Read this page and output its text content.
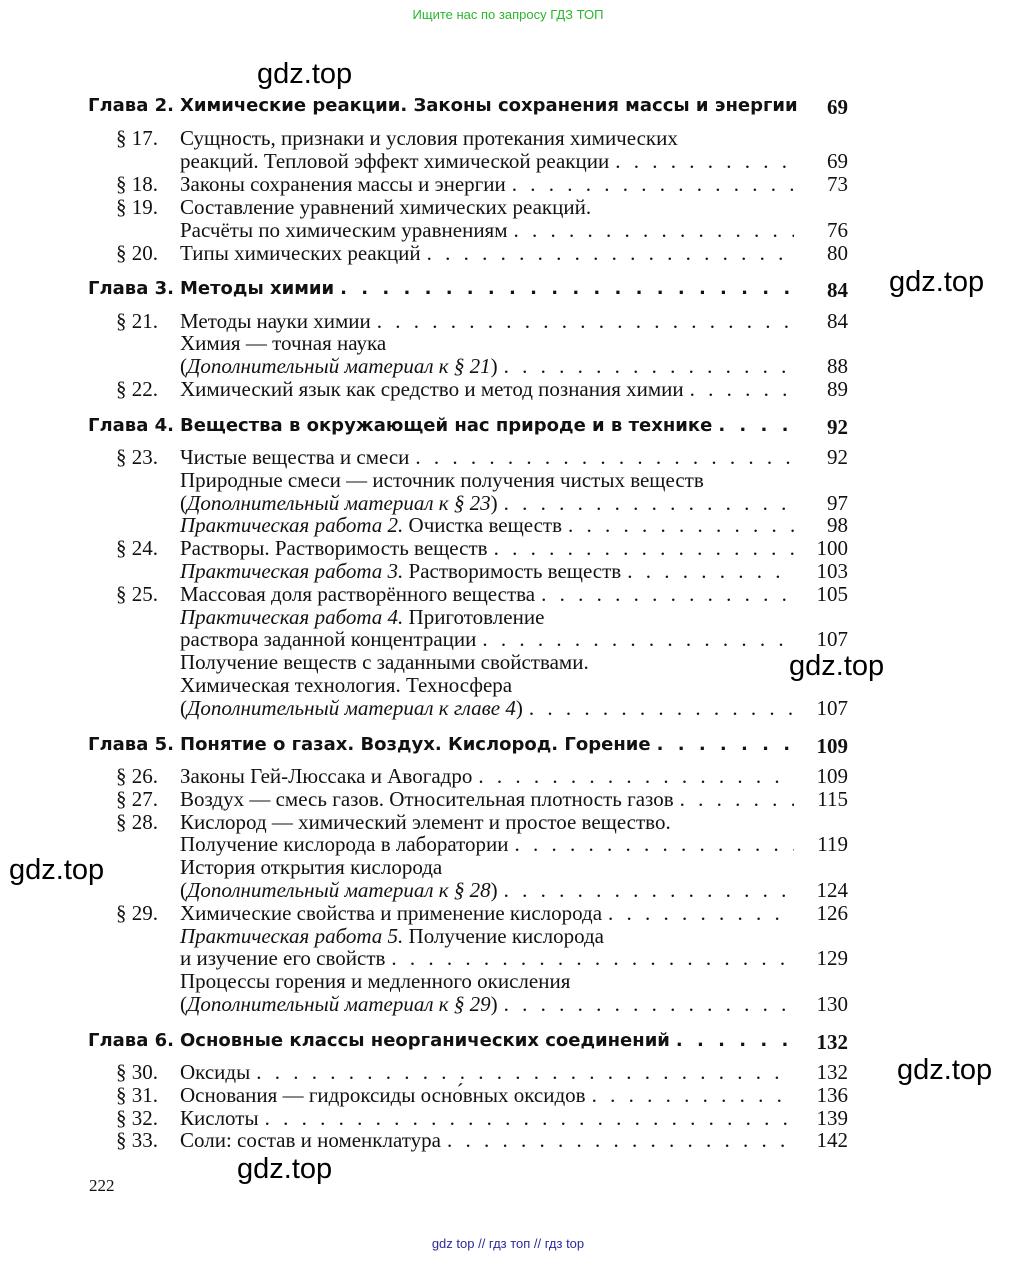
Ищите нас по запросу ГДЗ ТОП
gdz.top
gdz.top
gdz.top
gdz.top
gdz.top
gdz.top
Глава 2. Химические реакции. Законы сохранения массы и энергии 69
§ 17. Сущность, признаки и условия протекания химических
реакций. Тепловой эффект химической реакции . . .	69
§ 18. Законы сохранения массы и энергии . . .	73
§ 19. Составление уравнений химических реакций.
Расчёты по химическим уравнениям . . .	76
§ 20. Типы химических реакций . . .	80
Глава 3. Методы химии . . .	84
§ 21. Методы науки химии . . .	84
Химия — точная наука
(Дополнительный материал к § 21) . . .	88
§ 22. Химический язык как средство и метод познания химии . . .	89
Глава 4. Вещества в окружающей нас природе и в технике . . .	92
§ 23. Чистые вещества и смеси . . .	92
Природные смеси — источник получения чистых веществ
(Дополнительный материал к § 23) . . .	97
Практическая работа 2. Очистка веществ . . .	98
§ 24. Растворы. Растворимость веществ . . .	100
Практическая работа 3. Растворимость веществ . . .	103
§ 25. Массовая доля растворённого вещества . . .	105
Практическая работа 4. Приготовление
раствора заданной концентрации . . .	107
Получение веществ с заданными свойствами.
Химическая технология. Техносфера
(Дополнительный материал к главе 4) . . .	107
Глава 5. Понятие о газах. Воздух. Кислород. Горение . . .	109
§ 26. Законы Гей-Люссака и Авогадро . . .	109
§ 27. Воздух — смесь газов. Относительная плотность газов . . .	115
§ 28. Кислород — химический элемент и простое вещество.
Получение кислорода в лаборатории . . .	119
История открытия кислорода
(Дополнительный материал к § 28) . . .	124
§ 29. Химические свойства и применение кислорода . . .	126
Практическая работа 5. Получение кислорода
и изучение его свойств . . .	129
Процессы горения и медленного окисления
(Дополнительный материал к § 29) . . .	130
Глава 6. Основные классы неорганических соединений . . .	132
§ 30. Оксиды . . .	132
§ 31. Основания — гидроксиды осно́вных оксидов . . .	136
§ 32. Кислоты . . .	139
§ 33. Соли: состав и номенклатура . . .	142
222
gdz top // гдз топ // гдз top
